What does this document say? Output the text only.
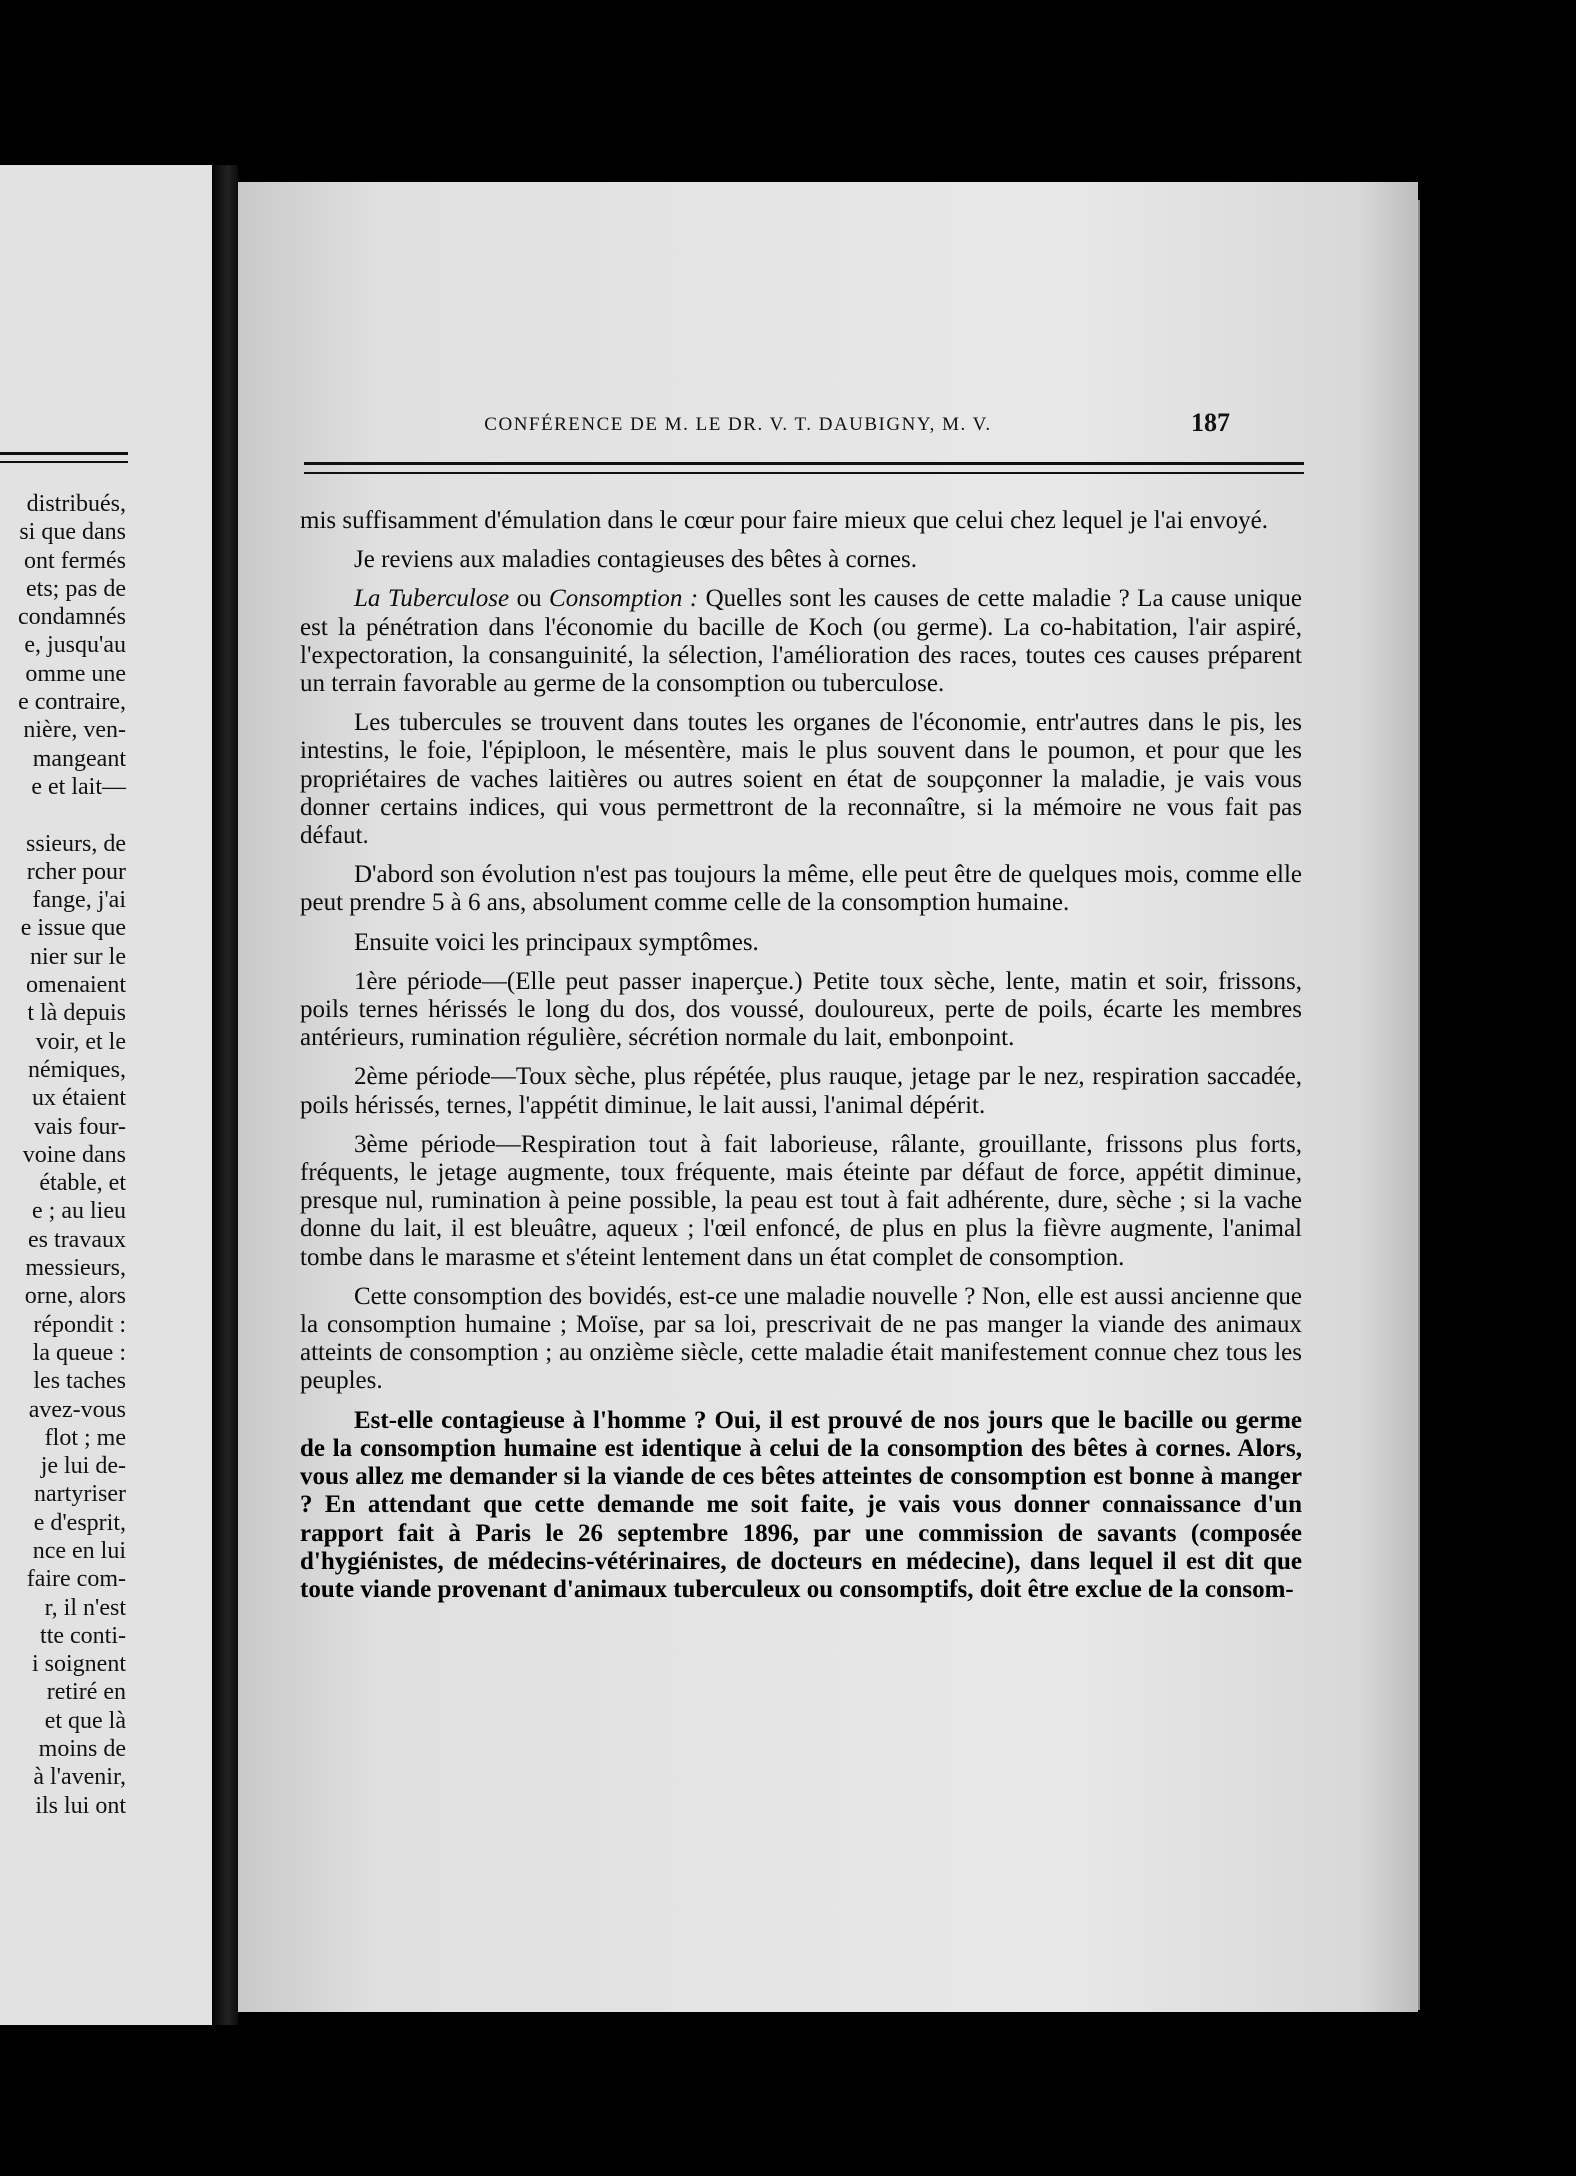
distribués,
si que dans
ont fermés
ets; pas de
condamnés
e, jusqu'au
omme une
e contraire,
nière, ven-
mangeant
e et lait—

ssieurs, de
rcher pour
fange, j'ai
e issue que
nier sur le
omenaient
t là depuis
voir, et le
némiques,
ux étaient
vais four-
voine dans
étable, et
e ; au lieu
es travaux
messieurs,
orne, alors
répondit :
la queue :
les taches
avez-vous
flot ; me
je lui de-
nartyriser
e d'esprit,
nce en lui
faire com-
r, il n'est
tte conti-
i soignent
retiré en
et que là
moins de
à l'avenir,
ils lui ont
CONFÉRENCE DE M. LE DR. V. T. DAUBIGNY, M. V.	187

mis suffisamment d'émulation dans le cœur pour faire mieux que celui chez lequel je l'ai envoyé.

Je reviens aux maladies contagieuses des bêtes à cornes.

La Tuberculose ou Consomption : Quelles sont les causes de cette maladie ? La cause unique est la pénétration dans l'économie du bacille de Koch (ou germe). La co-habitation, l'air aspiré, l'expectoration, la consanguinité, la sélection, l'amélioration des races, toutes ces causes préparent un terrain favorable au germe de la consomption ou tuberculose.

Les tubercules se trouvent dans toutes les organes de l'économie, entr'autres dans le pis, les intestins, le foie, l'épiploon, le mésentère, mais le plus souvent dans le poumon, et pour que les propriétaires de vaches laitières ou autres soient en état de soupçonner la maladie, je vais vous donner certains indices, qui vous permettront de la reconnaître, si la mémoire ne vous fait pas défaut.

D'abord son évolution n'est pas toujours la même, elle peut être de quelques mois, comme elle peut prendre 5 à 6 ans, absolument comme celle de la consomption humaine.

Ensuite voici les principaux symptômes.

1ère période—(Elle peut passer inaperçue.) Petite toux sèche, lente, matin et soir, frissons, poils ternes hérissés le long du dos, dos voussé, douloureux, perte de poils, écarte les membres antérieurs, rumination régulière, sécrétion normale du lait, embonpoint.

2ème période—Toux sèche, plus répétée, plus rauque, jetage par le nez, respiration saccadée, poils hérissés, ternes, l'appétit diminue, le lait aussi, l'animal dépérit.

3ème période—Respiration tout à fait laborieuse, râlante, grouillante, frissons plus forts, fréquents, le jetage augmente, toux fréquente, mais éteinte par défaut de force, appétit diminue, presque nul, rumination à peine possible, la peau est tout à fait adhérente, dure, sèche ; si la vache donne du lait, il est bleuâtre, aqueux ; l'œil enfoncé, de plus en plus la fièvre augmente, l'animal tombe dans le marasme et s'éteint lentement dans un état complet de consomption.

Cette consomption des bovidés, est-ce une maladie nouvelle ? Non, elle est aussi ancienne que la consomption humaine ; Moïse, par sa loi, prescrivait de ne pas manger la viande des animaux atteints de consomption ; au onzième siècle, cette maladie était manifestement connue chez tous les peuples.

Est-elle contagieuse à l'homme ? Oui, il est prouvé de nos jours que le bacille ou germe de la consomption humaine est identique à celui de la consomption des bêtes à cornes. Alors, vous allez me demander si la viande de ces bêtes atteintes de consomption est bonne à manger ? En attendant que cette demande me soit faite, je vais vous donner connaissance d'un rapport fait à Paris le 26 septembre 1896, par une commission de savants (composée d'hygiénistes, de médecins-vétérinaires, de docteurs en médecine), dans lequel il est dit que toute viande provenant d'animaux tuberculeux ou consomptifs, doit être exclue de la consom-
